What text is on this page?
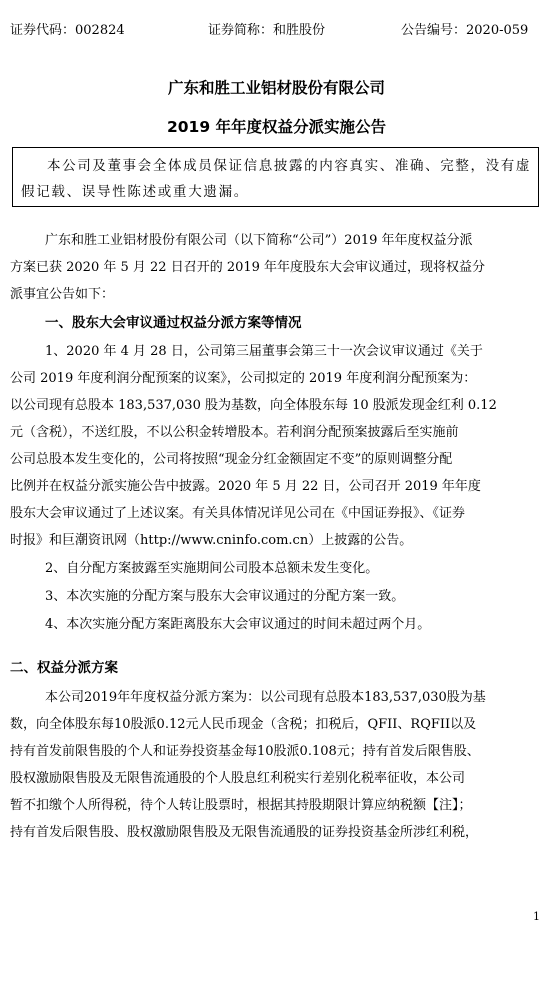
证券代码：002824	证券简称：和胜股份	公告编号：2020-059
广东和胜工业铝材股份有限公司
2019 年年度权益分派实施公告
本公司及董事会全体成员保证信息披露的内容真实、准确、完整，没有虚
假记载、误导性陈述或重大遗漏。
广东和胜工业铝材股份有限公司（以下简称“公司”）2019 年年度权益分派
方案已获 2020 年 5 月 22 日召开的 2019 年年度股东大会审议通过，现将权益分
派事宜公告如下：
一、股东大会审议通过权益分派方案等情况
1、2020 年 4 月 28 日，公司第三届董事会第三十一次会议审议通过《关于
公司 2019 年度利润分配预案的议案》，公司拟定的 2019 年度利润分配预案为：
以公司现有总股本 183,537,030 股为基数，向全体股东每 10 股派发现金红利 0.12
元（含税），不送红股，不以公积金转增股本。若利润分配预案披露后至实施前
公司总股本发生变化的，公司将按照“现金分红金额固定不变”的原则调整分配
比例并在权益分派实施公告中披露。2020 年 5 月 22 日，公司召开 2019 年年度
股东大会审议通过了上述议案。有关具体情况详见公司在《中国证券报》、《证券
时报》和巨潮资讯网（http://www.cninfo.com.cn）上披露的公告。
2、自分配方案披露至实施期间公司股本总额未发生变化。
3、本次实施的分配方案与股东大会审议通过的分配方案一致。
4、本次实施分配方案距离股东大会审议通过的时间未超过两个月。
二、权益分派方案
本公司2019年年度权益分派方案为：以公司现有总股本183,537,030股为基
数，向全体股东每10股派0.12元人民币现金（含税；扣税后，QFII、RQFII以及
持有首发前限售股的个人和证券投资基金每10股派0.108元；持有首发后限售股、
股权激励限售股及无限售流通股的个人股息红利税实行差别化税率征收，本公司
暂不扣缴个人所得税，待个人转让股票时，根据其持股期限计算应纳税额【注】；
持有首发后限售股、股权激励限售股及无限售流通股的证券投资基金所涉红利税，
1
